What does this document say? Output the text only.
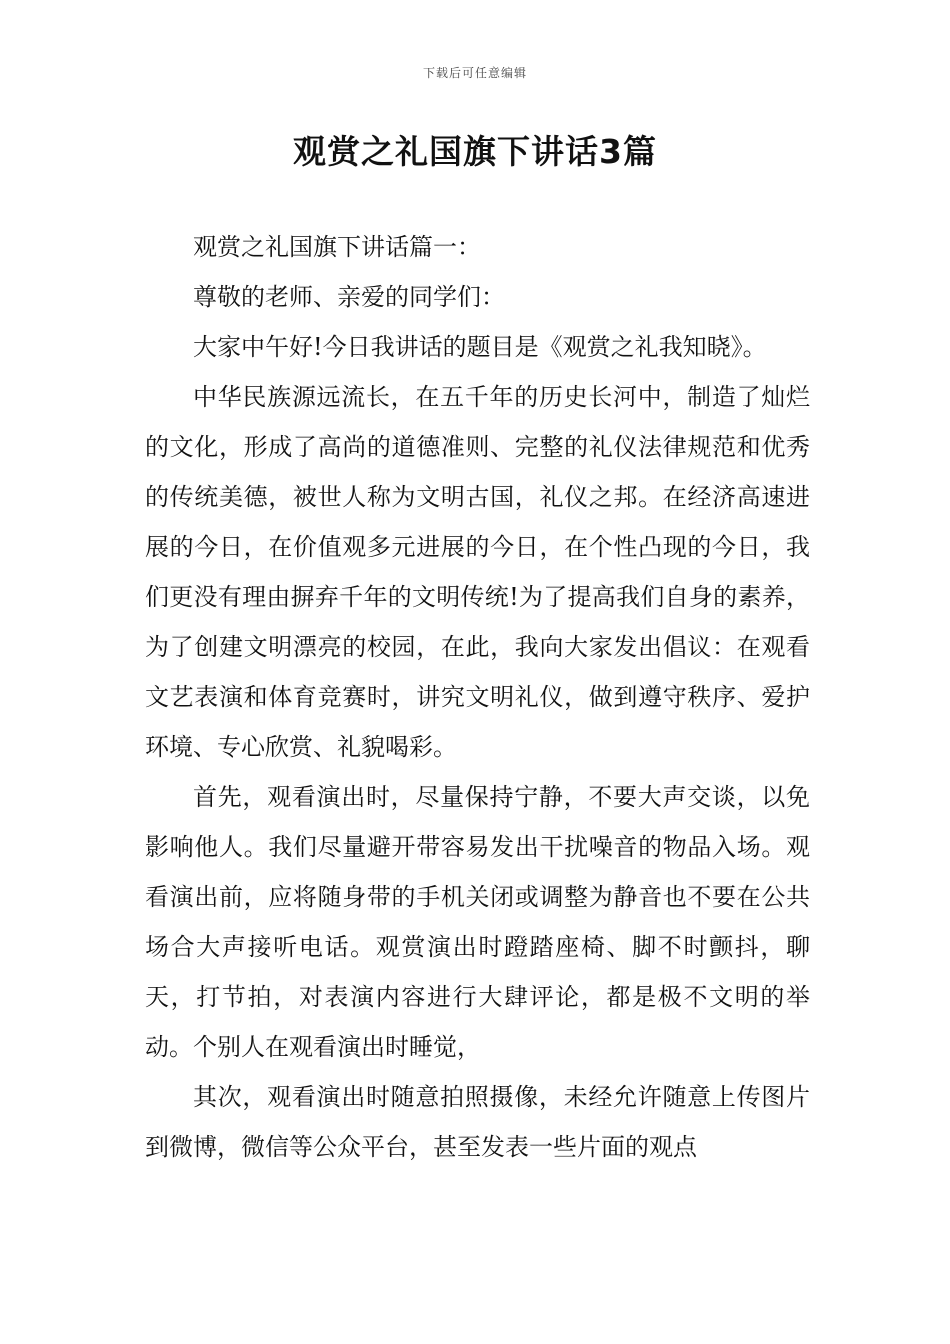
下载后可任意编辑
观赏之礼国旗下讲话3篇

观赏之礼国旗下讲话篇一：

尊敬的老师、亲爱的同学们：

大家中午好!今日我讲话的题目是《观赏之礼我知晓》。

中华民族源远流长，在五千年的历史长河中，制造了灿烂的文化，形成了高尚的道德准则、完整的礼仪法律规范和优秀的传统美德，被世人称为文明古国，礼仪之邦。在经济高速进展的今日，在价值观多元进展的今日，在个性凸现的今日，我们更没有理由摒弃千年的文明传统!为了提高我们自身的素养，为了创建文明漂亮的校园，在此，我向大家发出倡议：在观看文艺表演和体育竞赛时，讲究文明礼仪，做到遵守秩序、爱护环境、专心欣赏、礼貌喝彩。

首先，观看演出时，尽量保持宁静，不要大声交谈，以免影响他人。我们尽量避开带容易发出干扰噪音的物品入场。观看演出前，应将随身带的手机关闭或调整为静音也不要在公共场合大声接听电话。观赏演出时蹬踏座椅、脚不时颤抖，聊天，打节拍，对表演内容进行大肆评论，都是极不文明的举动。个别人在观看演出时睡觉，

其次，观看演出时随意拍照摄像，未经允许随意上传图片到微博，微信等公众平台，甚至发表一些片面的观点
